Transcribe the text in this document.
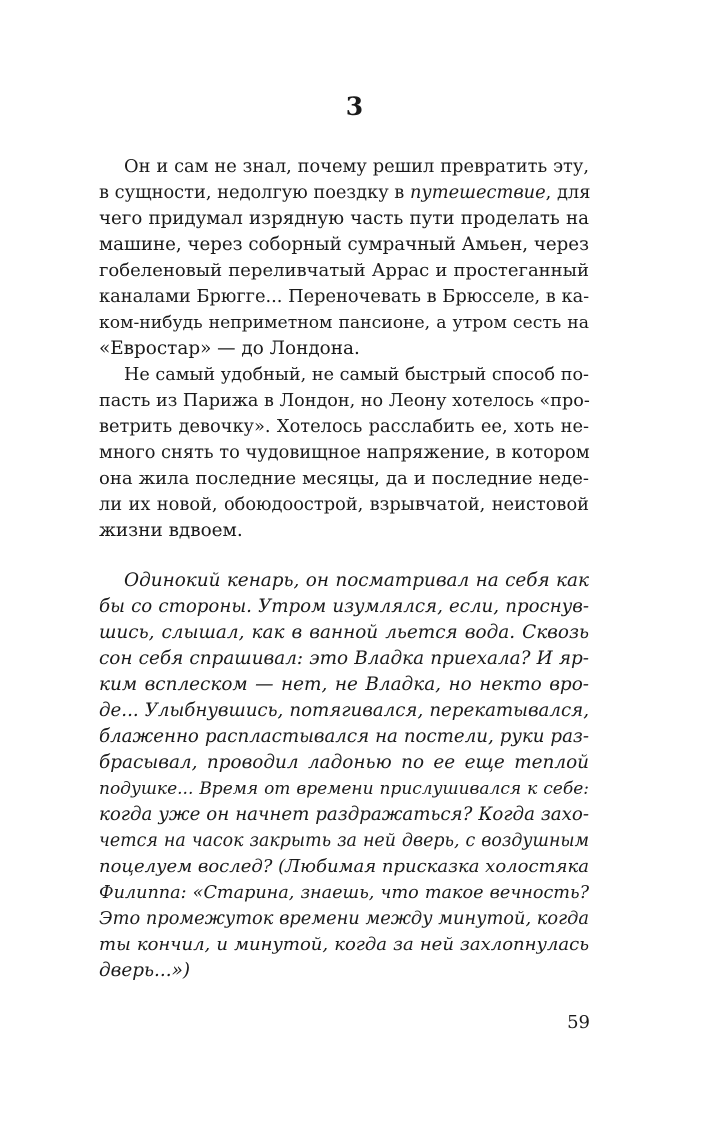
3
Он и сам не знал, почему решил превратить эту,
в сущности, недолгую поездку в путешествие, для
чего придумал изрядную часть пути проделать на
машине, через соборный сумрачный Амьен, через
гобеленовый переливчатый Аррас и простеганный
каналами Брюгге... Переночевать в Брюсселе, в ка-
ком-нибудь неприметном пансионе, а утром сесть на
«Евростар» — до Лондона.
Не самый удобный, не самый быстрый способ по-
пасть из Парижа в Лондон, но Леону хотелось «про-
ветрить девочку». Хотелось расслабить ее, хоть не-
много снять то чудовищное напряжение, в котором
она жила последние месяцы, да и последние неде-
ли их новой, обоюдоострой, взрывчатой, неистовой
жизни вдвоем.
Одинокий кенарь, он посматривал на себя как
бы со стороны. Утром изумлялся, если, проснув-
шись, слышал, как в ванной льется вода. Сквозь
сон себя спрашивал: это Владка приехала? И яр-
ким всплеском — нет, не Владка, но некто вро-
де... Улыбнувшись, потягивался, перекатывался,
блаженно распластывался на постели, руки раз-
брасывал, проводил ладонью по ее еще теплой
подушке... Время от времени прислушивался к себе:
когда уже он начнет раздражаться? Когда захо-
чется на часок закрыть за ней дверь, с воздушным
поцелуем вослед? (Любимая присказка холостяка
Филиппа: «Старина, знаешь, что такое вечность?
Это промежуток времени между минутой, когда
ты кончил, и минутой, когда за ней захлопнулась
дверь...»)
59
